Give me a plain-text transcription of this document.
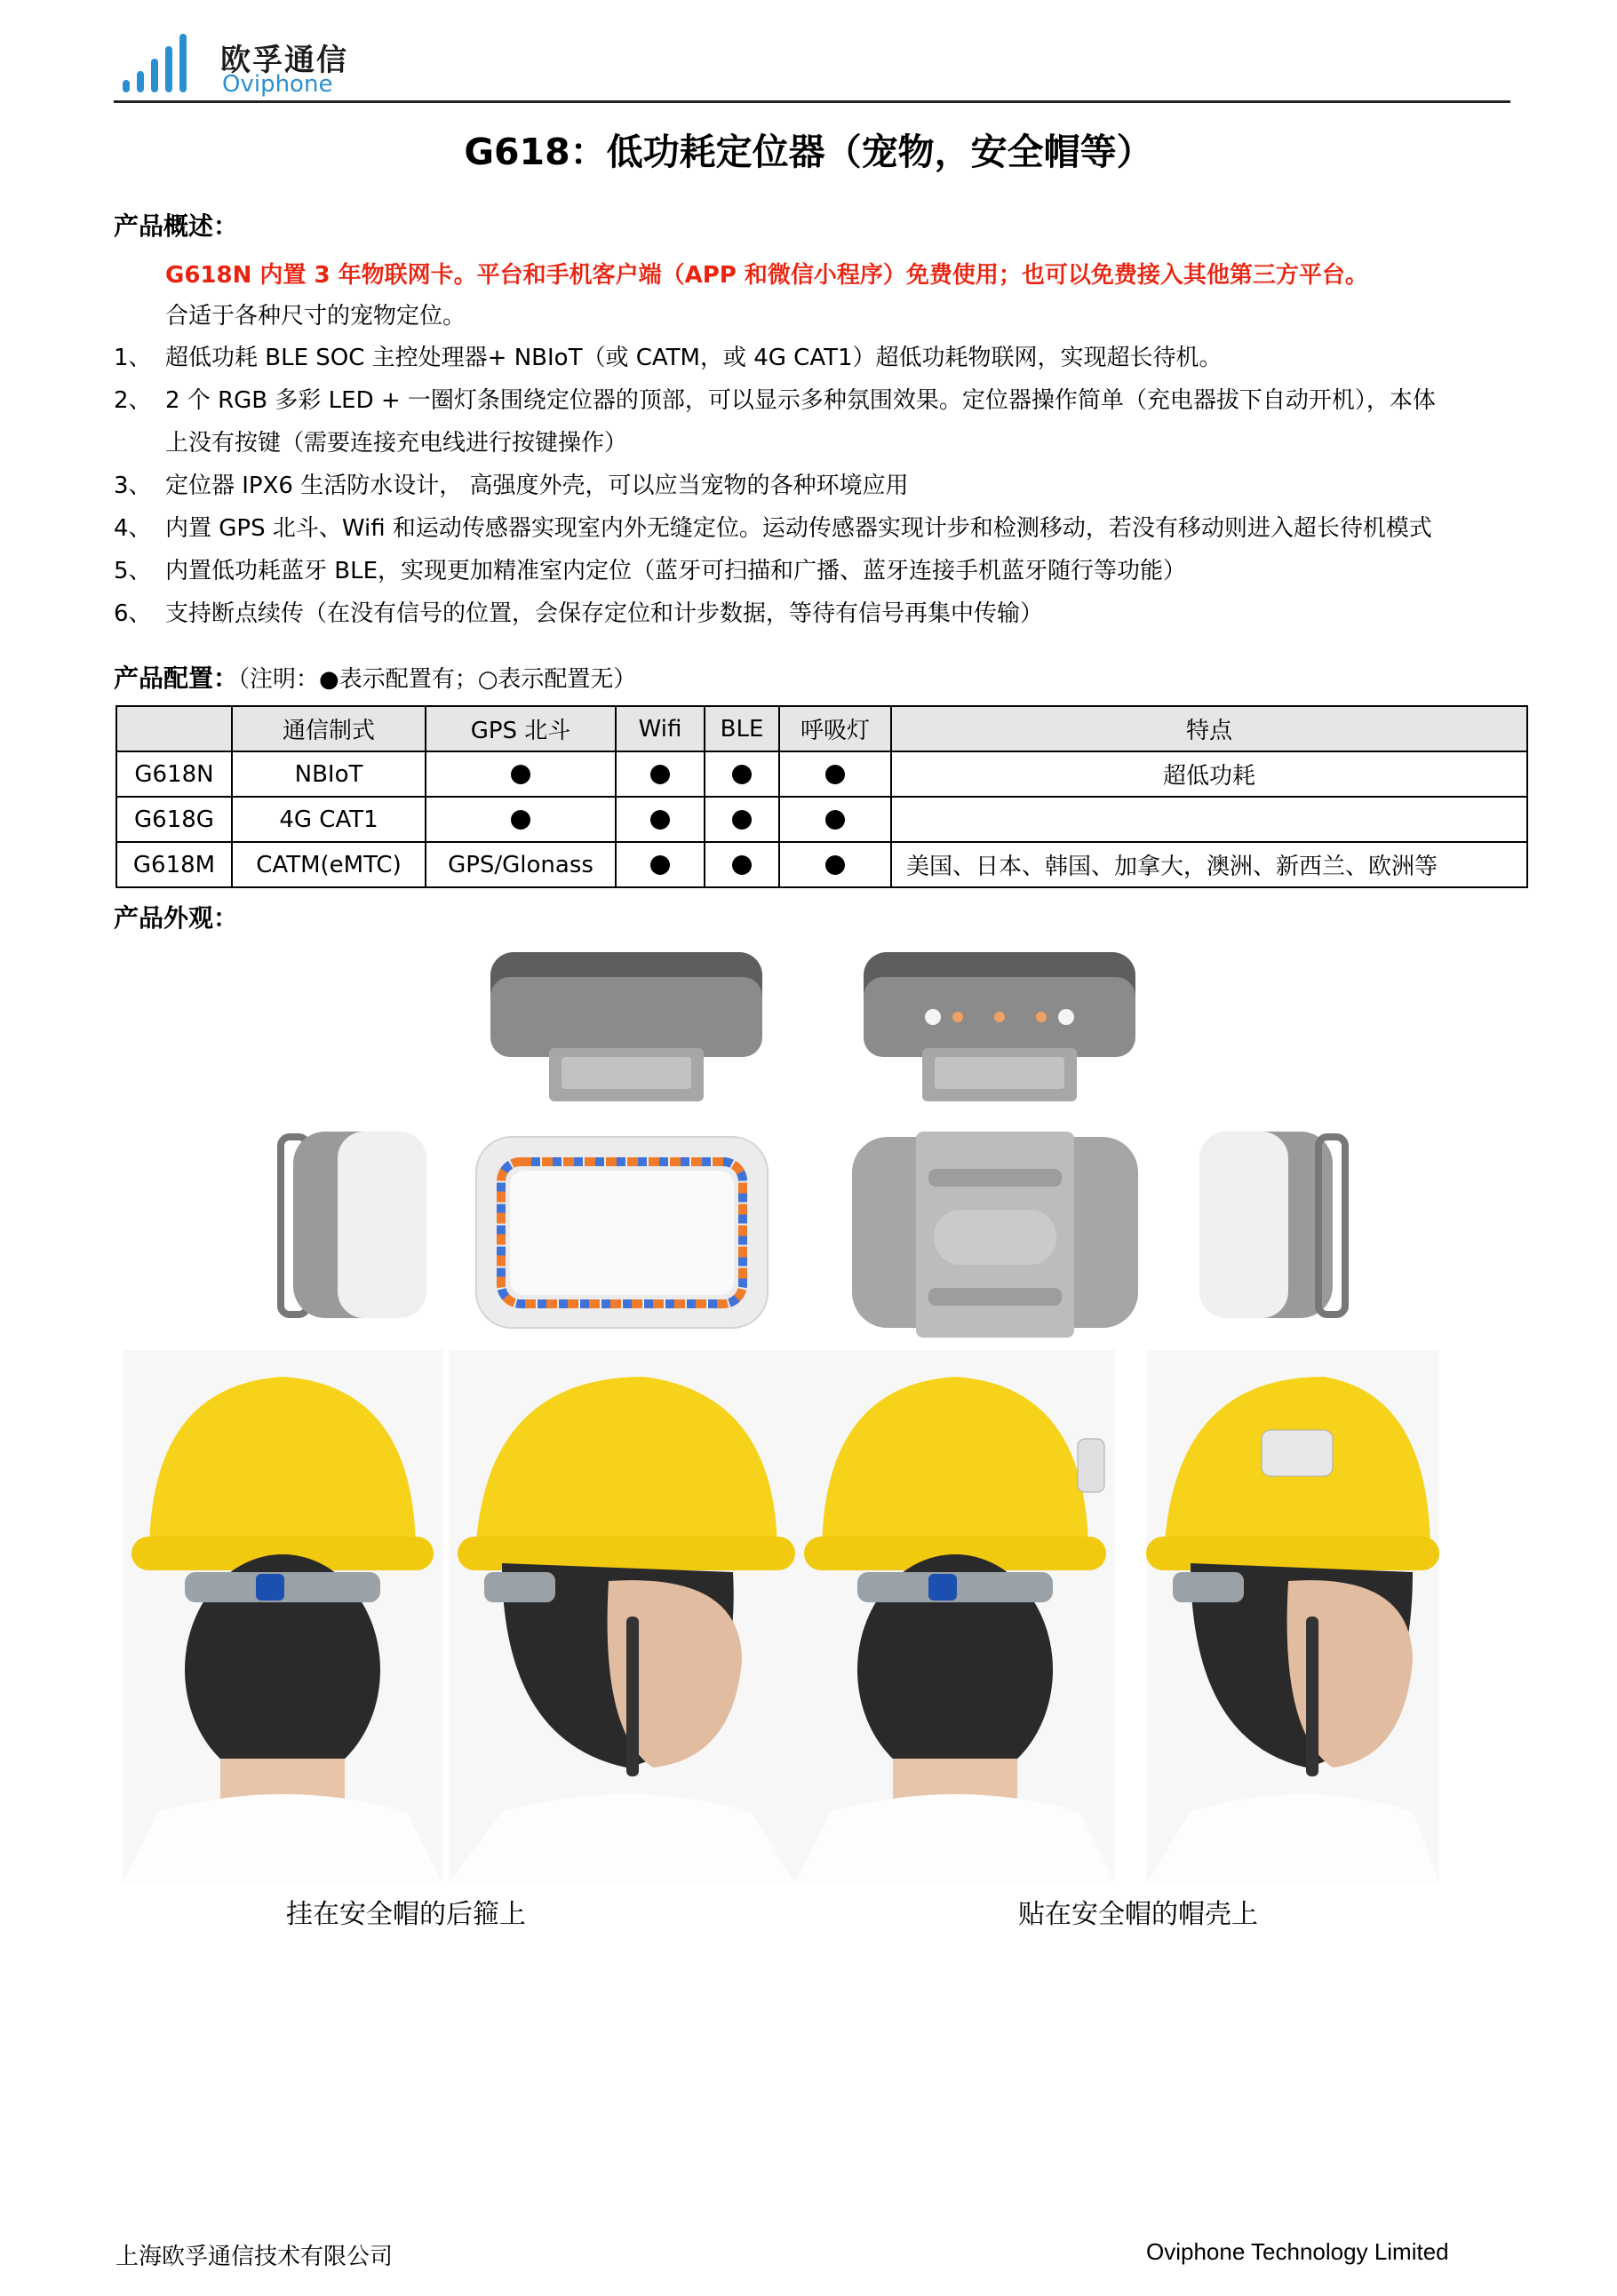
欧孚通信
Oviphone
G618：低功耗定位器（宠物，安全帽等）
产品概述：
G618N 内置 3 年物联网卡。平台和手机客户端（APP 和微信小程序）免费使用；也可以免费接入其他第三方平台。
合适于各种尺寸的宠物定位。
1、 超低功耗 BLE SOC 主控处理器+ NBIoT（或 CATM，或 4G CAT1）超低功耗物联网，实现超长待机。
2、 2 个 RGB 多彩 LED + 一圈灯条围绕定位器的顶部，可以显示多种氛围效果。定位器操作简单（充电器拔下自动开机），本体
上没有按键（需要连接充电线进行按键操作）
3、 定位器 IPX6 生活防水设计， 高强度外壳，可以应当宠物的各种环境应用
4、 内置 GPS 北斗、Wifi 和运动传感器实现室内外无缝定位。运动传感器实现计步和检测移动，若没有移动则进入超长待机模式
5、 内置低功耗蓝牙 BLE，实现更加精准室内定位（蓝牙可扫描和广播、蓝牙连接手机蓝牙随行等功能）
6、 支持断点续传（在没有信号的位置，会保存定位和计步数据，等待有信号再集中传输）
产品配置：（注明：●表示配置有；○表示配置无）
	通信制式	GPS 北斗	Wifi	BLE	呼吸灯	特点
G618N	NBIoT					超低功耗
G618G	4G CAT1					
G618M	CATM(eMTC)	GPS/Glonass				美国、日本、韩国、加拿大，澳洲、新西兰、欧洲等
产品外观：
挂在安全帽的后箍上	贴在安全帽的帽壳上
上海欧孚通信技术有限公司	Oviphone Technology Limited
